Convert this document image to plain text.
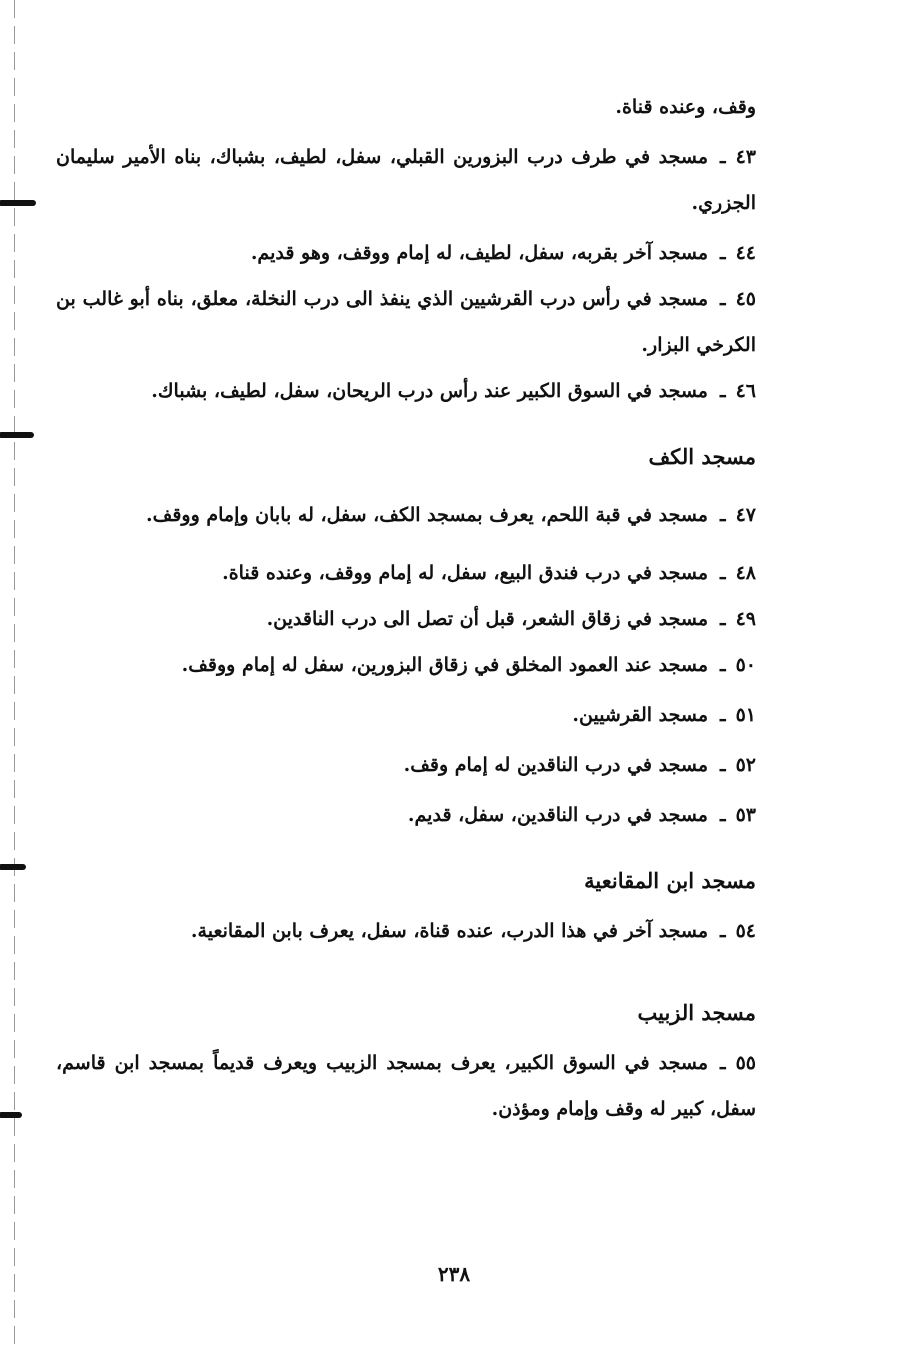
وقف، وعنده قناة.

٤٣ـمسجد في طرف درب البزورين القبلي، سفل، لطيف، بشباك، بناه الأمير سليمان الجزري.

٤٤ـمسجد آخر بقربه، سفل، لطيف، له إمام ووقف، وهو قديم.

٤٥ـمسجد في رأس درب القرشيين الذي ينفذ الى درب النخلة، معلق، بناه أبو غالب بن الكرخي البزار.

٤٦ـمسجد في السوق الكبير عند رأس درب الريحان، سفل، لطيف، بشباك.

مسجد الكف

٤٧ـمسجد في قبة اللحم، يعرف بمسجد الكف، سفل، له بابان وإمام ووقف.

٤٨ـمسجد في درب فندق البيع، سفل، له إمام ووقف، وعنده قناة.

٤٩ـمسجد في زقاق الشعر، قبل أن تصل الى درب الناقدين.

٥٠ـمسجد عند العمود المخلق في زقاق البزورين، سفل له إمام ووقف.

٥١ـمسجد القرشيين.

٥٢ـمسجد في درب الناقدين له إمام وقف.

٥٣ـمسجد في درب الناقدين، سفل، قديم.

مسجد ابن المقانعية

٥٤ـمسجد آخر في هذا الدرب، عنده قناة، سفل، يعرف بابن المقانعية.

مسجد الزبيب

٥٥ـمسجد في السوق الكبير، يعرف بمسجد الزبيب ويعرف قديماً بمسجد ابن قاسم، سفل، كبير له وقف وإمام ومؤذن.

٢٣٨
